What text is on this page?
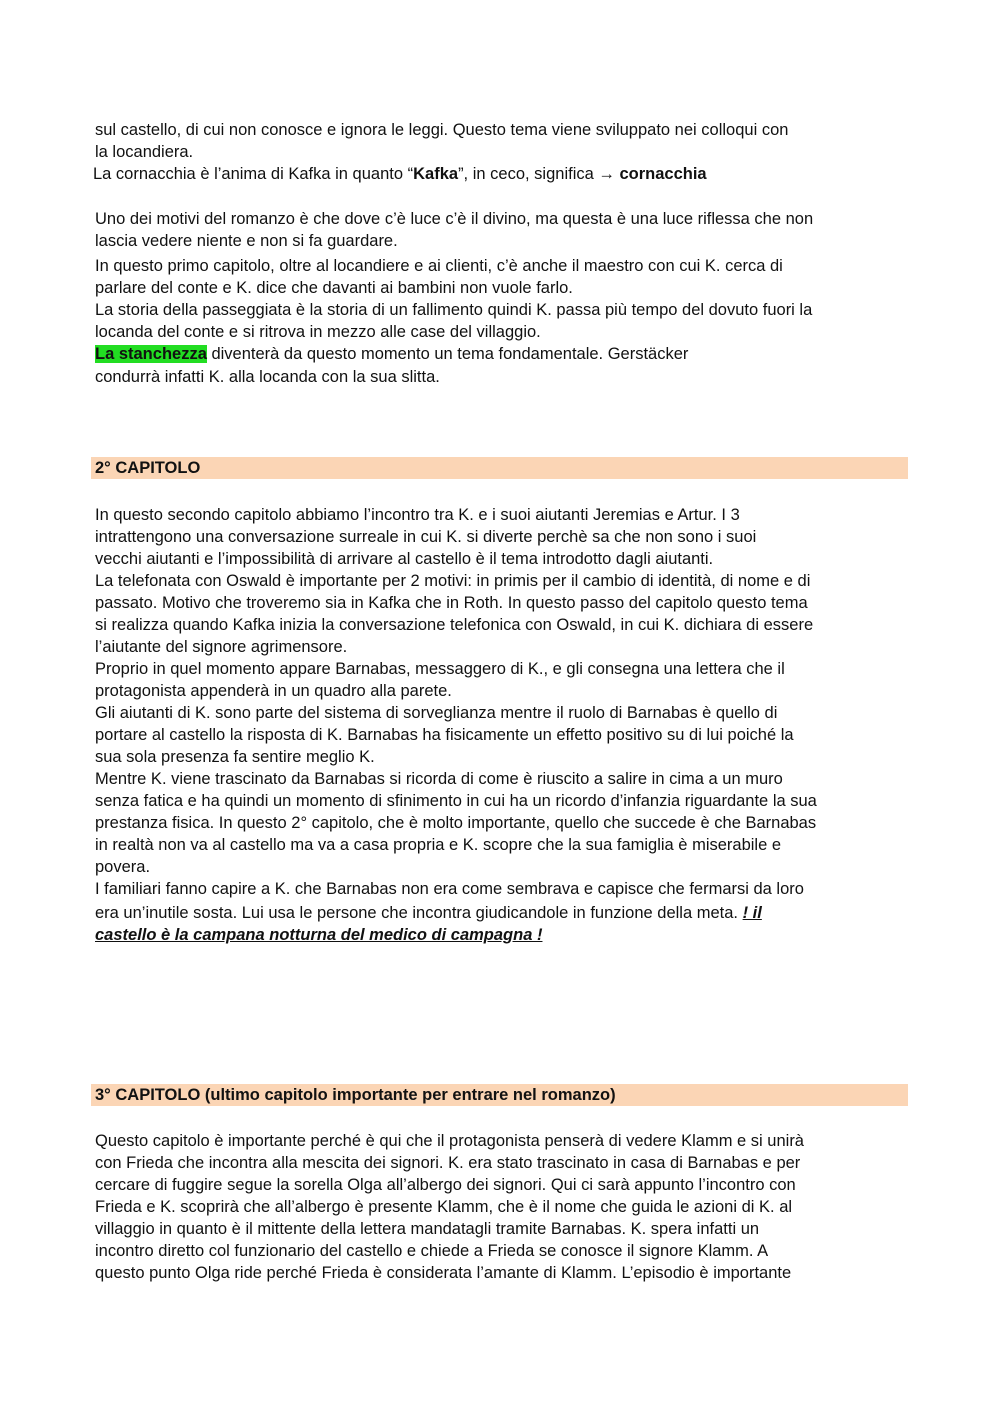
sul castello, di cui non conosce e ignora le leggi. Questo tema viene sviluppato nei colloqui con
la locandiera.
La cornacchia è l’anima di Kafka in quanto “Kafka”, in ceco, significa → cornacchia
Uno dei motivi del romanzo è che dove c’è luce c’è il divino, ma questa è una luce riflessa che non
lascia vedere niente e non si fa guardare.
In questo primo capitolo, oltre al locandiere e ai clienti, c’è anche il maestro con cui K. cerca di
parlare del conte e K. dice che davanti ai bambini non vuole farlo.
La storia della passeggiata è la storia di un fallimento quindi K. passa più tempo del dovuto fuori la
locanda del conte e si ritrova in mezzo alle case del villaggio.
La stanchezza diventerà da questo momento un tema fondamentale. Gerstäcker
condurrà infatti K. alla locanda con la sua slitta.
2° CAPITOLO
In questo secondo capitolo abbiamo l’incontro tra K. e i suoi aiutanti Jeremias e Artur. I 3
intrattengono una conversazione surreale in cui K. si diverte perchè sa che non sono i suoi
vecchi aiutanti e l’impossibilità di arrivare al castello è il tema introdotto dagli aiutanti.
La telefonata con Oswald è importante per 2 motivi: in primis per il cambio di identità, di nome e di
passato. Motivo che troveremo sia in Kafka che in Roth. In questo passo del capitolo questo tema
si realizza quando Kafka inizia la conversazione telefonica con Oswald, in cui K. dichiara di essere
l’aiutante del signore agrimensore.
Proprio in quel momento appare Barnabas, messaggero di K., e gli consegna una lettera che il
protagonista appenderà in un quadro alla parete.
Gli aiutanti di K. sono parte del sistema di sorveglianza mentre il ruolo di Barnabas è quello di
portare al castello la risposta di K. Barnabas ha fisicamente un effetto positivo su di lui poiché la
sua sola presenza fa sentire meglio K.
Mentre K. viene trascinato da Barnabas si ricorda di come è riuscito a salire in cima a un muro
senza fatica e ha quindi un momento di sfinimento in cui ha un ricordo d’infanzia riguardante la sua
prestanza fisica. In questo 2° capitolo, che è molto importante, quello che succede è che Barnabas
in realtà non va al castello ma va a casa propria e K. scopre che la sua famiglia è miserabile e
povera.
I familiari fanno capire a K. che Barnabas non era come sembrava e capisce che fermarsi da loro
era un’inutile sosta. Lui usa le persone che incontra giudicandole in funzione della meta. ! il
castello è la campana notturna del medico di campagna !
3° CAPITOLO (ultimo capitolo importante per entrare nel romanzo)
Questo capitolo è importante perché è qui che il protagonista penserà di vedere Klamm e si unirà
con Frieda che incontra alla mescita dei signori. K. era stato trascinato in casa di Barnabas e per
cercare di fuggire segue la sorella Olga all’albergo dei signori. Qui ci sarà appunto l’incontro con
Frieda e K. scoprirà che all’albergo è presente Klamm, che è il nome che guida le azioni di K. al
villaggio in quanto è il mittente della lettera mandatagli tramite Barnabas. K. spera infatti un
incontro diretto col funzionario del castello e chiede a Frieda se conosce il signore Klamm. A
questo punto Olga ride perché Frieda è considerata l’amante di Klamm. L’episodio è importante
